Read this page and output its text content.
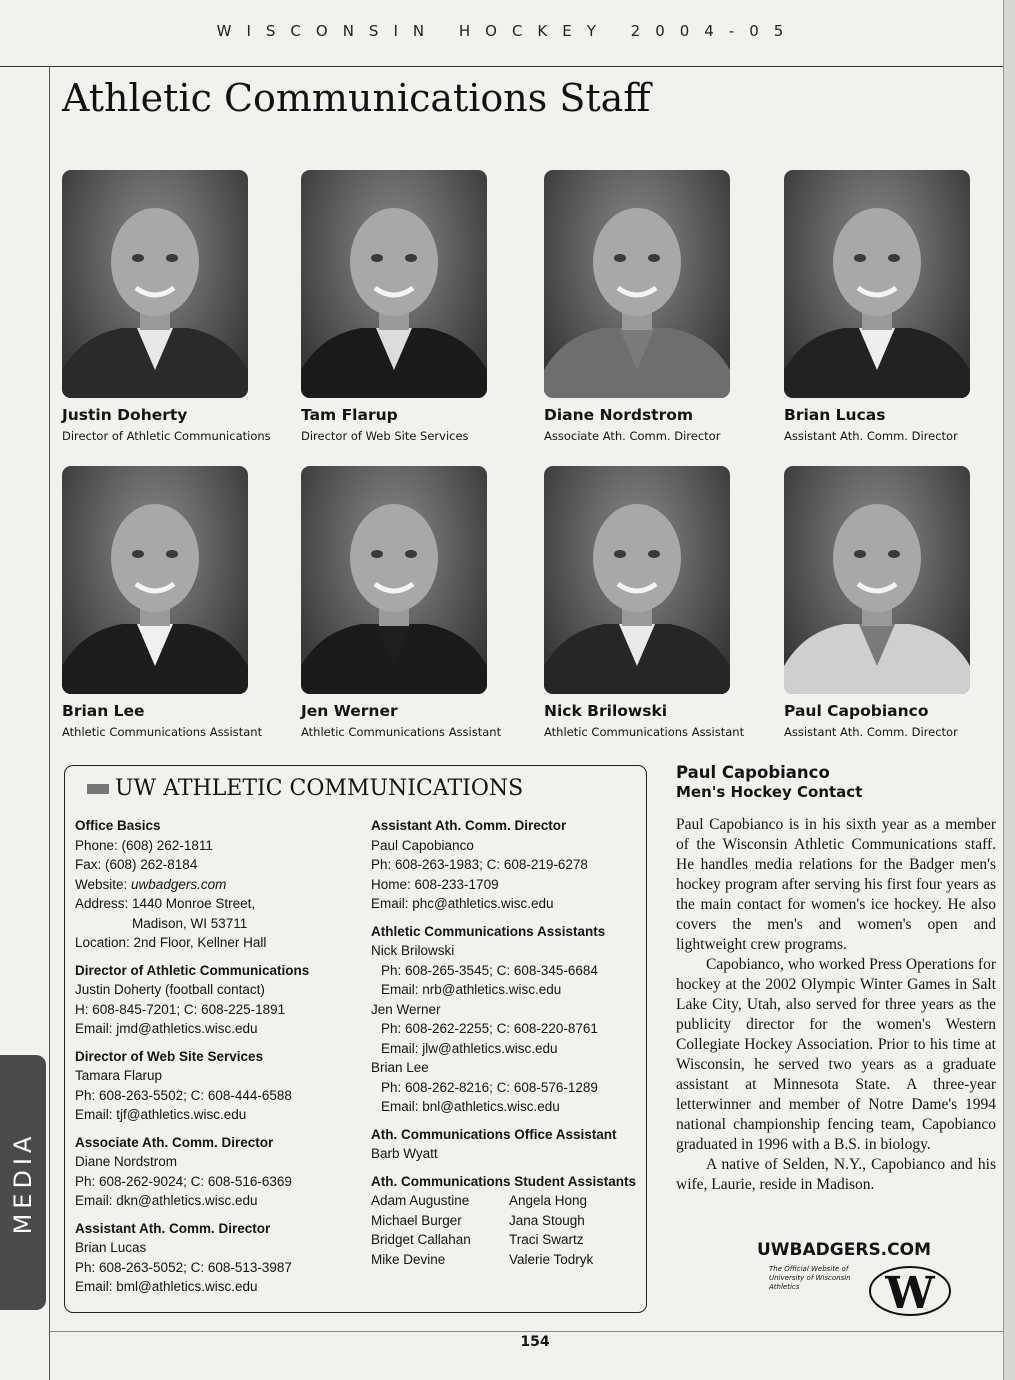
WISCONSIN HOCKEY 2004-05
Athletic Communications Staff
MEDIA
Justin Doherty
Director of Athletic Communications
Tam Flarup
Director of Web Site Services
Diane Nordstrom
Associate Ath. Comm. Director
Brian Lucas
Assistant Ath. Comm. Director
Brian Lee
Athletic Communications Assistant
Jen Werner
Athletic Communications Assistant
Nick Brilowski
Athletic Communications Assistant
Paul Capobianco
Assistant Ath. Comm. Director
UW ATHLETIC COMMUNICATIONS
Office Basics
Phone: (608) 262-1811
Fax: (608) 262-8184
Website: uwbadgers.com
Address: 1440 Monroe Street,
Madison, WI 53711
Location: 2nd Floor, Kellner Hall
Director of Athletic Communications
Justin Doherty (football contact)
H: 608-845-7201; C: 608-225-1891
Email: jmd@athletics.wisc.edu
Director of Web Site Services
Tamara Flarup
Ph: 608-263-5502; C: 608-444-6588
Email: tjf@athletics.wisc.edu
Associate Ath. Comm. Director
Diane Nordstrom
Ph: 608-262-9024; C: 608-516-6369
Email: dkn@athletics.wisc.edu
Assistant Ath. Comm. Director
Brian Lucas
Ph: 608-263-5052; C: 608-513-3987
Email: bml@athletics.wisc.edu
Assistant Ath. Comm. Director
Paul Capobianco
Ph: 608-263-1983; C: 608-219-6278
Home: 608-233-1709
Email: phc@athletics.wisc.edu
Athletic Communications Assistants
Nick Brilowski
Ph: 608-265-3545; C: 608-345-6684
Email: nrb@athletics.wisc.edu
Jen Werner
Ph: 608-262-2255; C: 608-220-8761
Email: jlw@athletics.wisc.edu
Brian Lee
Ph: 608-262-8216; C: 608-576-1289
Email: bnl@athletics.wisc.edu
Ath. Communications Office Assistant
Barb Wyatt
Ath. Communications Student Assistants
Adam Augustine	Angela Hong
Michael Burger	Jana Stough
Bridget Callahan	Traci Swartz
Mike Devine	Valerie Todryk
Paul Capobianco
Men's Hockey Contact

Paul Capobianco is in his sixth year as a member of the Wisconsin Athletic Communications staff. He handles media relations for the Badger men's hockey program after serving his first four years as the main contact for women's ice hockey. He also covers the men's and women's open and lightweight crew programs.

Capobianco, who worked Press Operations for hockey at the 2002 Olympic Winter Games in Salt Lake City, Utah, also served for three years as the publicity director for the women's Western Collegiate Hockey Association. Prior to his time at Wisconsin, he served two years as a graduate assistant at Minnesota State. A three-year letterwinner and member of Notre Dame's 1994 national championship fencing team, Capobianco graduated in 1996 with a B.S. in biology.

A native of Selden, N.Y., Capobianco and his wife, Laurie, reside in Madison.

UWBADGERS.COM
The Official Website of University of Wisconsin Athletics	W
154
